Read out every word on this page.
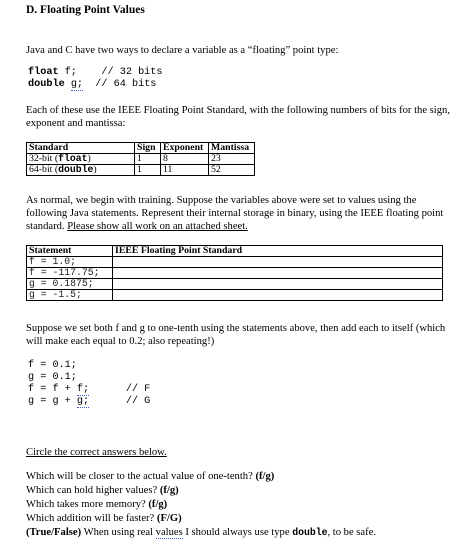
D. Floating Point Values
Java and C have two ways to declare a variable as a “floating” point type:
float f; // 32 bits
double g; // 64 bits
Each of these use the IEEE Floating Point Standard, with the following numbers of bits for the sign, exponent and mantissa:
Standard	Sign	Exponent	Mantissa
32-bit (float)	1	8	23
64-bit (double)	1	11	52
As normal, we begin with training. Suppose the variables above were set to values using the following Java statements. Represent their internal storage in binary, using the IEEE floating point standard. Please show all work on an attached sheet.
Statement	IEEE Floating Point Standard
f = 1.0;	
f = -117.75;	
g = 0.1875;	
g = -1.5;	
Suppose we set both f and g to one-tenth using the statements above, then add each to itself (which will make each equal to 0.2; also repeating!)
f = 0.1;
g = 0.1;
f = f + f;	// F
g = g + g;	// G
Circle the correct answers below.
Which will be closer to the actual value of one-tenth? (f/g)
Which can hold higher values? (f/g)
Which takes more memory? (f/g)
Which addition will be faster? (F/G)
(True/False) When using real values I should always use type double, to be safe.
